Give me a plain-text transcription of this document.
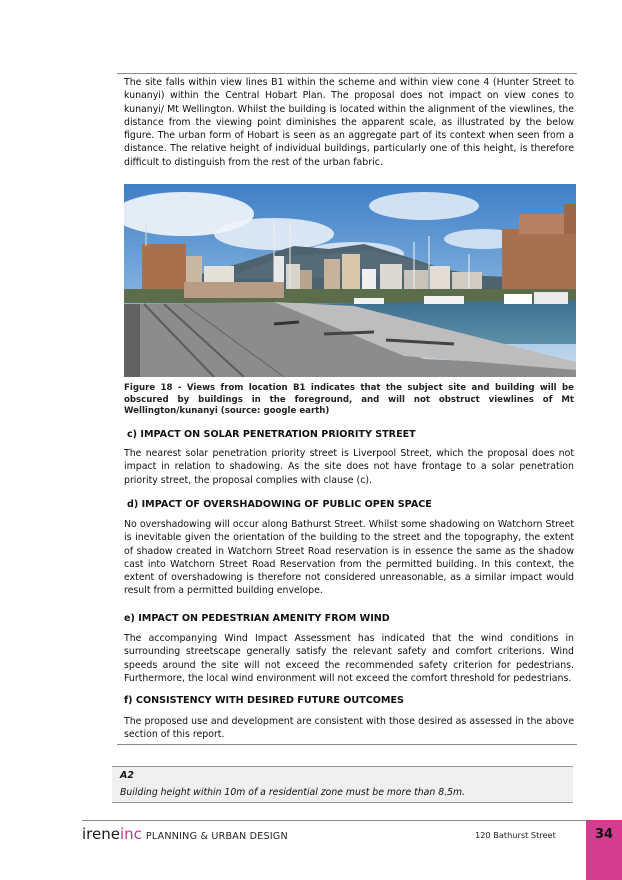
The site falls within view lines B1 within the scheme and within view cone 4 (Hunter Street to kunanyi) within the Central Hobart Plan. The proposal does not impact on view cones to kunanyi/ Mt Wellington. Whilst the building is located within the alignment of the viewlines, the distance from the viewing point diminishes the apparent scale, as illustrated by the below figure. The urban form of Hobart is seen as an aggregate part of its context when seen from a distance. The relative height of individual buildings, particularly one of this height, is therefore difficult to distinguish from the rest of the urban fabric.

Figure 18 - Views from location B1 indicates that the subject site and building will be obscured by buildings in the foreground, and will not obstruct viewlines of Mt Wellington/kunanyi (source: google earth)

c) IMPACT ON SOLAR PENETRATION PRIORITY STREET

The nearest solar penetration priority street is Liverpool Street, which the proposal does not impact in relation to shadowing. As the site does not have frontage to a solar penetration priority street, the proposal complies with clause (c).

d) IMPACT OF OVERSHADOWING OF PUBLIC OPEN SPACE

No overshadowing will occur along Bathurst Street. Whilst some shadowing on Watchorn Street is inevitable given the orientation of the building to the street and the topography, the extent of shadow created in Watchorn Street Road reservation is in essence the same as the shadow cast into Watchorn Street Road Reservation from the permitted building. In this context, the extent of overshadowing is therefore not considered unreasonable, as a similar impact would result from a permitted building envelope.

e) IMPACT ON PEDESTRIAN AMENITY FROM WIND

The accompanying Wind Impact Assessment has indicated that the wind conditions in surrounding streetscape generally satisfy the relevant safety and comfort criterions. Wind speeds around the site will not exceed the recommended safety criterion for pedestrians. Furthermore, the local wind environment will not exceed the comfort threshold for pedestrians.

f) CONSISTENCY WITH DESIRED FUTURE OUTCOMES

The proposed use and development are consistent with those desired as assessed in the above section of this report.

A2
Building height within 10m of a residential zone must be more than 8.5m.
ireneinc PLANNING & URBAN DESIGN	120 Bathurst Street	34
